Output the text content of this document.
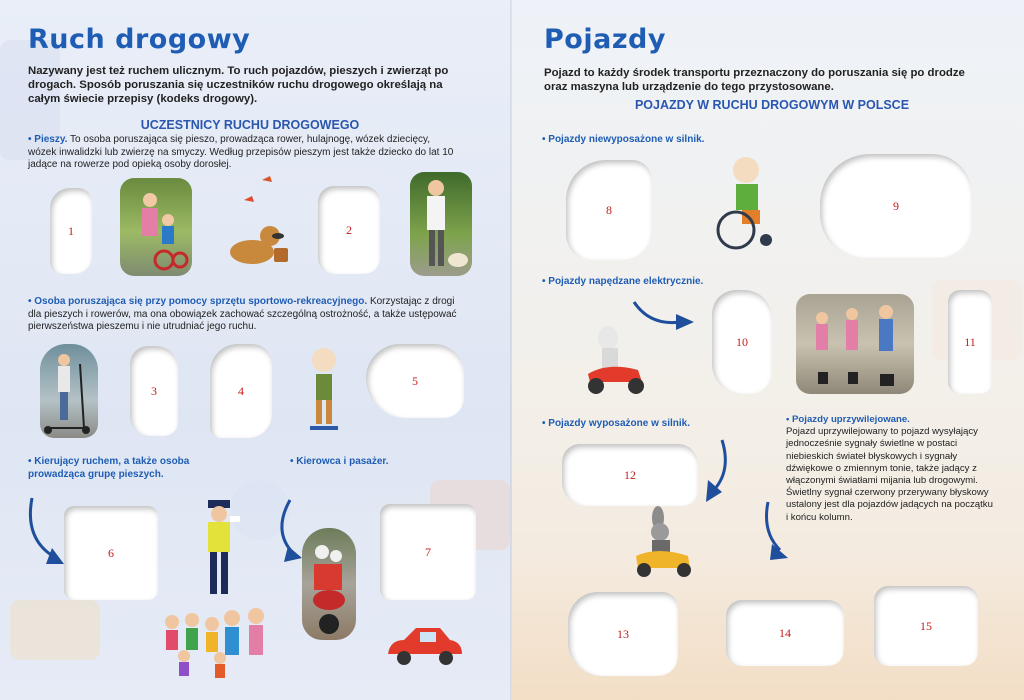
Ruch drogowy
Nazywany jest też ruchem ulicznym. To ruch pojazdów, pieszych i zwierząt po drogach. Sposób poruszania się uczestników ruchu drogowego określają na całym świecie przepisy (kodeks drogowy).
UCZESTNICY RUCHU DROGOWEGO
• Pieszy. To osoba poruszająca się pieszo, prowadząca rower, hulajnogę, wózek dziecięcy, wózek inwalidzki lub zwierzę na smyczy. Według przepisów pieszym jest także dziecko do lat 10 jadące na rowerze pod opieką osoby dorosłej.
1	2
• Osoba poruszająca się przy pomocy sprzętu sportowo-rekreacyjnego. Korzystając z drogi dla pieszych i rowerów, ma ona obowiązek zachować szczególną ostrożność, a także ustępować pierwszeństwa pieszemu i nie utrudniać jego ruchu.
3	4
5
• Kierujący ruchem, a także osoba prowadząca grupę pieszych.
• Kierowca i pasażer.
6	7
Pojazdy
Pojazd to każdy środek transportu przeznaczony do poruszania się po drodze oraz maszyna lub urządzenie do tego przystosowane.
POJAZDY W RUCHU DROGOWYM W POLSCE
• Pojazdy niewyposażone w silnik.
8	9
• Pojazdy napędzane elektrycznie.
10	11
• Pojazdy wyposażone w silnik.	• Pojazdy uprzywilejowane.
Pojazd uprzywilejowany to pojazd wysyłający jednocześnie sygnały świetlne w postaci niebieskich świateł błyskowych i sygnały dźwiękowe o zmiennym tonie, także jadący z włączonymi światłami mijania lub drogowymi. Świetlny sygnał czerwony przerywany błyskowy ustalony jest dla pojazdów jadących na początku i końcu kolumn.
12
13	14	15
